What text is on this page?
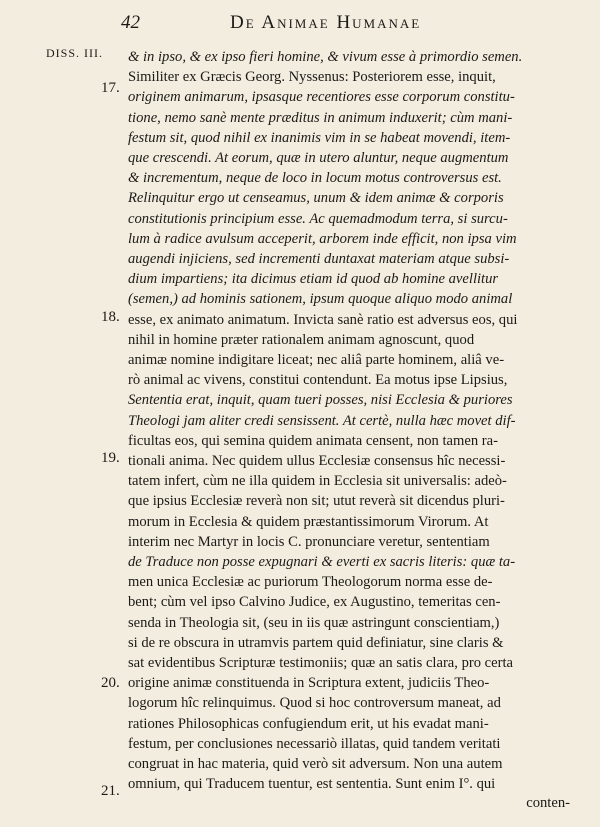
42	De Animae Humanae
DISS. III.
17.
18.
19.
20.
21.
& in ipso, & ex ipso fieri homine, & vivum esse à primordio semen.
Similiter ex Græcis Georg. Nyssenus: Posteriorem esse, inquit,
originem animarum, ipsasque recentiores esse corporum constitu-
tione, nemo sanè mente præditus in animum induxerit; cùm mani-
festum sit, quod nihil ex inanimis vim in se habeat movendi, item-
que crescendi. At eorum, quæ in utero aluntur, neque augmentum
& incrementum, neque de loco in locum motus controversus est.
Relinquitur ergo ut censeamus, unum & idem animæ & corporis
constitutionis principium esse. Ac quemadmodum terra, si surcu-
lum à radice avulsum acceperit, arborem inde efficit, non ipsa vim
augendi injiciens, sed incrementi duntaxat materiam atque subsi-
dium impartiens; ita dicimus etiam id quod ab homine avellitur
(semen,) ad hominis sationem, ipsum quoque aliquo modo animal
esse, ex animato animatum. Invicta sanè ratio est adversus eos, qui
nihil in homine præter rationalem animam agnoscunt, quod
animæ nomine indigitare liceat; nec aliâ parte hominem, aliâ ve-
rò animal ac vivens, constitui contendunt. Ea motus ipse Lipsius,
Sententia erat, inquit, quam tueri posses, nisi Ecclesia & puriores
Theologi jam aliter credi sensissent. At certè, nulla hæc movet dif-
ficultas eos, qui semina quidem animata censent, non tamen ra-
tionali anima. Nec quidem ullus Ecclesiæ consensus hîc necessi-
tatem infert, cùm ne illa quidem in Ecclesia sit universalis: adeò-
que ipsius Ecclesiæ reverà non sit; utut reverà sit dicendus pluri-
morum in Ecclesia & quidem præstantissimorum Virorum. At
interim nec Martyr in locis C. pronunciare veretur, sententiam
de Traduce non posse expugnari & everti ex sacris literis: quæ ta-
men unica Ecclesiæ ac puriorum Theologorum norma esse de-
bent; cùm vel ipso Calvino Judice, ex Augustino, temeritas cen-
senda in Theologia sit, (seu in iis quæ astringunt conscientiam,)
si de re obscura in utramvis partem quid definiatur, sine claris &
sat evidentibus Scripturæ testimoniis; quæ an satis clara, pro certa
origine animæ constituenda in Scriptura extent, judiciis Theo-
logorum hîc relinquimus. Quod si hoc controversum maneat, ad
rationes Philosophicas confugiendum erit, ut his evadat mani-
festum, per conclusiones necessariò illatas, quid tandem veritati
congruat in hac materia, quid verò sit adversum. Non una autem
omnium, qui Traducem tuentur, est sententia. Sunt enim I°. qui
conten-
